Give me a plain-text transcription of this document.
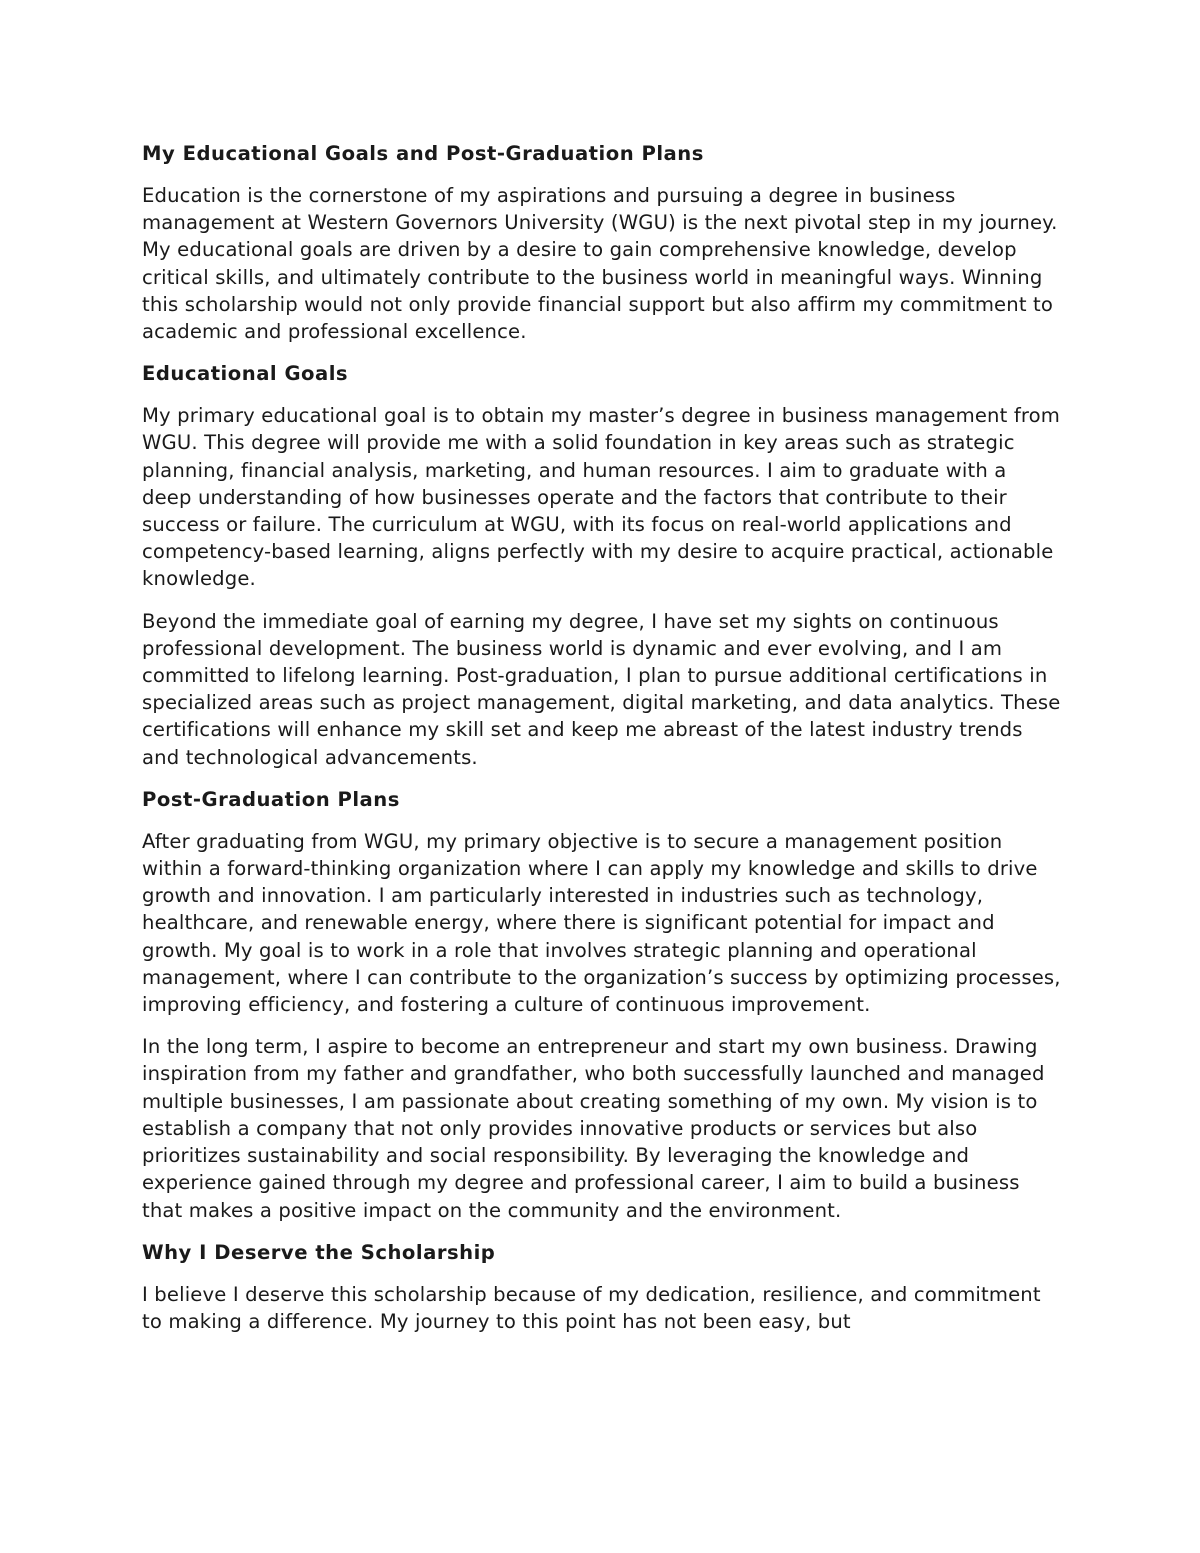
My Educational Goals and Post-Graduation Plans

Education is the cornerstone of my aspirations and pursuing a degree in business management at Western Governors University (WGU) is the next pivotal step in my journey. My educational goals are driven by a desire to gain comprehensive knowledge, develop critical skills, and ultimately contribute to the business world in meaningful ways. Winning this scholarship would not only provide financial support but also affirm my commitment to academic and professional excellence.

Educational Goals

My primary educational goal is to obtain my master’s degree in business management from WGU. This degree will provide me with a solid foundation in key areas such as strategic planning, financial analysis, marketing, and human resources. I aim to graduate with a deep understanding of how businesses operate and the factors that contribute to their success or failure. The curriculum at WGU, with its focus on real-world applications and competency-based learning, aligns perfectly with my desire to acquire practical, actionable knowledge.

Beyond the immediate goal of earning my degree, I have set my sights on continuous professional development. The business world is dynamic and ever evolving, and I am committed to lifelong learning. Post-graduation, I plan to pursue additional certifications in specialized areas such as project management, digital marketing, and data analytics. These certifications will enhance my skill set and keep me abreast of the latest industry trends and technological advancements.

Post-Graduation Plans

After graduating from WGU, my primary objective is to secure a management position within a forward-thinking organization where I can apply my knowledge and skills to drive growth and innovation. I am particularly interested in industries such as technology, healthcare, and renewable energy, where there is significant potential for impact and growth. My goal is to work in a role that involves strategic planning and operational management, where I can contribute to the organization’s success by optimizing processes, improving efficiency, and fostering a culture of continuous improvement.

In the long term, I aspire to become an entrepreneur and start my own business. Drawing inspiration from my father and grandfather, who both successfully launched and managed multiple businesses, I am passionate about creating something of my own. My vision is to establish a company that not only provides innovative products or services but also prioritizes sustainability and social responsibility. By leveraging the knowledge and experience gained through my degree and professional career, I aim to build a business that makes a positive impact on the community and the environment.

Why I Deserve the Scholarship

I believe I deserve this scholarship because of my dedication, resilience, and commitment to making a difference. My journey to this point has not been easy, but
